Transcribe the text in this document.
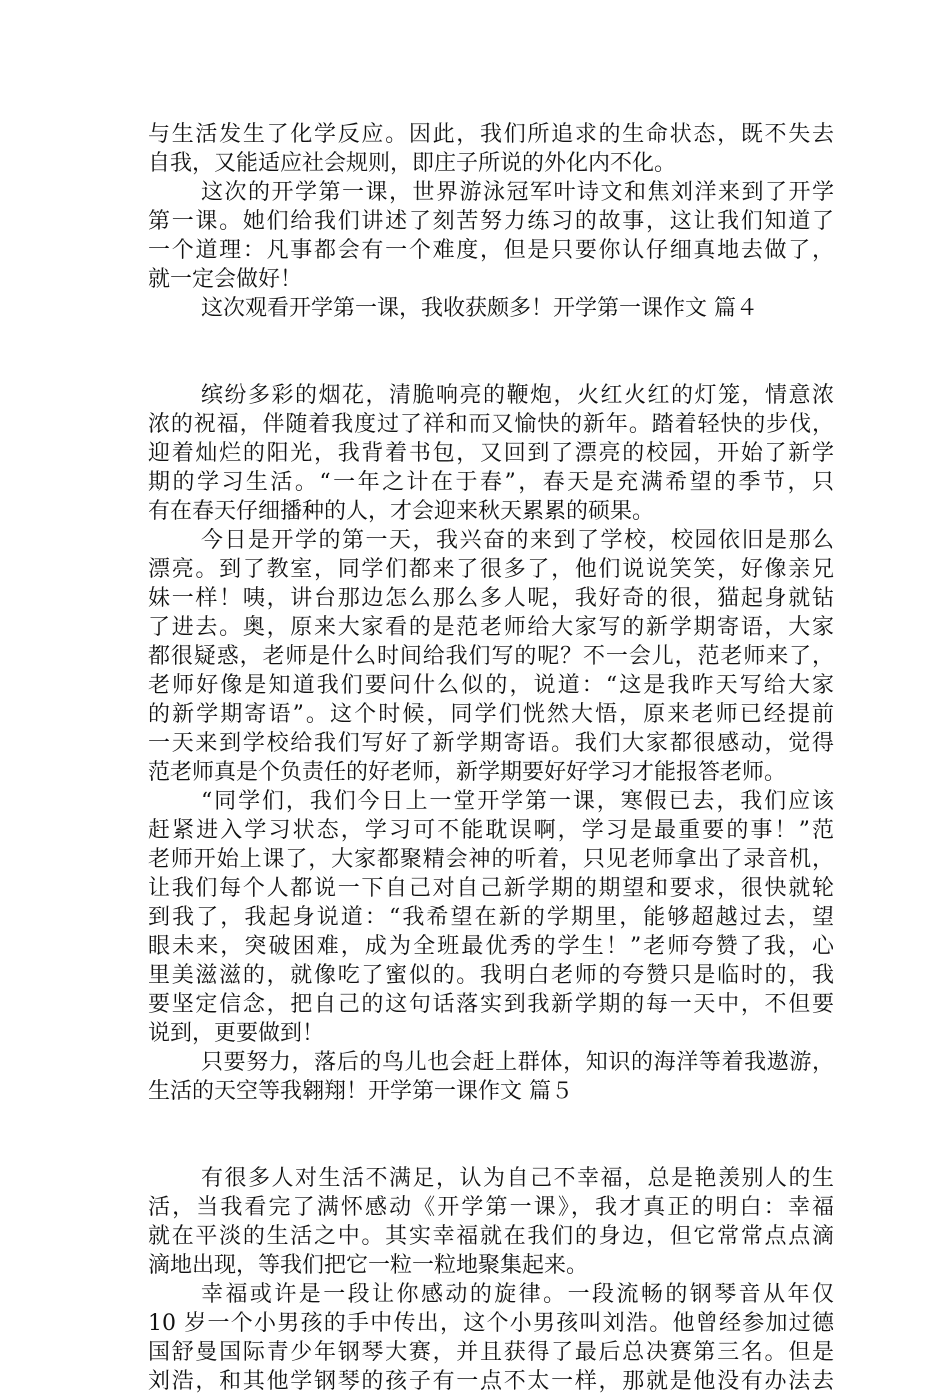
与生活发生了化学反应。因此，我们所追求的生命状态，既不失去
自我，又能适应社会规则，即庄子所说的外化内不化。
这次的开学第一课，世界游泳冠军叶诗文和焦刘洋来到了开学
第一课。她们给我们讲述了刻苦努力练习的故事，这让我们知道了
一个道理：凡事都会有一个难度，但是只要你认仔细真地去做了，
就一定会做好！
这次观看开学第一课，我收获颇多！开学第一课作文 篇４
缤纷多彩的烟花，清脆响亮的鞭炮，火红火红的灯笼，情意浓
浓的祝福，伴随着我度过了祥和而又愉快的新年。踏着轻快的步伐，
迎着灿烂的阳光，我背着书包，又回到了漂亮的校园，开始了新学
期的学习生活。“一年之计在于春”，春天是充满希望的季节，只
有在春天仔细播种的人，才会迎来秋天累累的硕果。
今日是开学的第一天，我兴奋的来到了学校，校园依旧是那么
漂亮。到了教室，同学们都来了很多了，他们说说笑笑，好像亲兄
妹一样！咦，讲台那边怎么那么多人呢，我好奇的很，猫起身就钻
了进去。奥，原来大家看的是范老师给大家写的新学期寄语，大家
都很疑惑，老师是什么时间给我们写的呢？不一会儿，范老师来了，
老师好像是知道我们要问什么似的，说道：“这是我昨天写给大家
的新学期寄语”。这个时候，同学们恍然大悟，原来老师已经提前
一天来到学校给我们写好了新学期寄语。我们大家都很感动，觉得
范老师真是个负责任的好老师，新学期要好好学习才能报答老师。
“同学们，我们今日上一堂开学第一课，寒假已去，我们应该
赶紧进入学习状态，学习可不能耽误啊，学习是最重要的事！”范
老师开始上课了，大家都聚精会神的听着，只见老师拿出了录音机，
让我们每个人都说一下自己对自己新学期的期望和要求，很快就轮
到我了，我起身说道：“我希望在新的学期里，能够超越过去，望
眼未来，突破困难，成为全班最优秀的学生！”老师夸赞了我，心
里美滋滋的，就像吃了蜜似的。我明白老师的夸赞只是临时的，我
要坚定信念，把自己的这句话落实到我新学期的每一天中，不但要
说到，更要做到！
只要努力，落后的鸟儿也会赶上群体，知识的海洋等着我遨游，
生活的天空等我翱翔！开学第一课作文 篇５
有很多人对生活不满足，认为自己不幸福，总是艳羡别人的生
活，当我看完了满怀感动《开学第一课》，我才真正的明白：幸福
就在平淡的生活之中。其实幸福就在我们的身边，但它常常点点滴
滴地出现，等我们把它一粒一粒地聚集起来。
幸福或许是一段让你感动的旋律。一段流畅的钢琴音从年仅
10 岁一个小男孩的手中传出，这个小男孩叫刘浩。他曾经参加过德
国舒曼国际青少年钢琴大赛，并且获得了最后总决赛第三名。但是
刘浩，和其他学钢琴的孩子有一点不太一样，那就是他没有办法去
